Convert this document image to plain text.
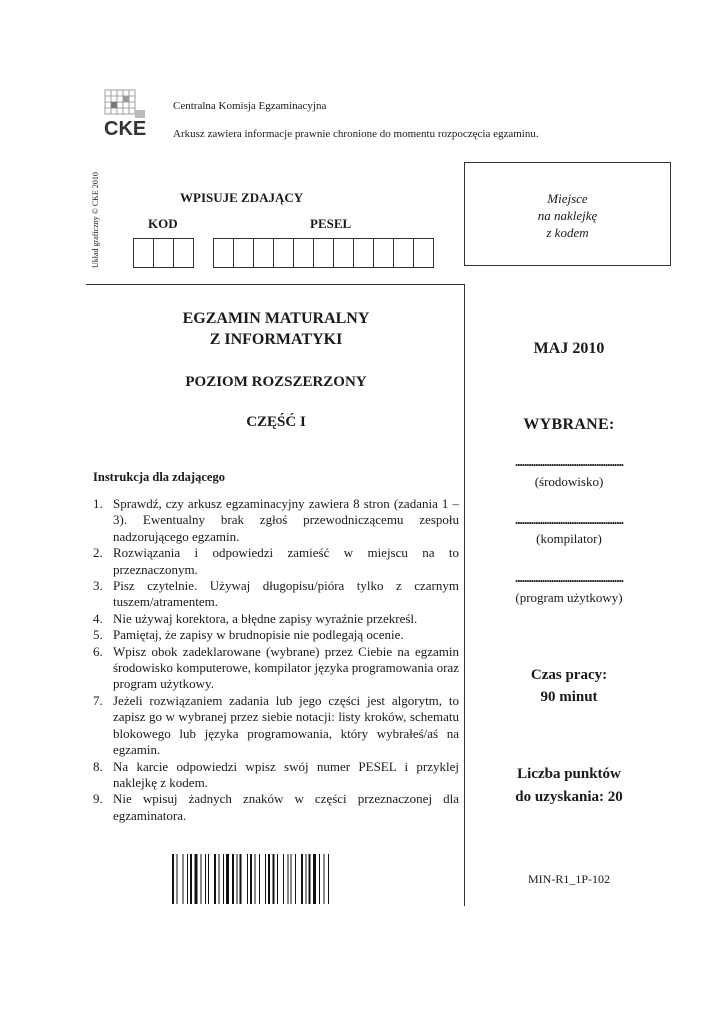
CKE
Centralna Komisja Egzaminacyjna
Arkusz zawiera informacje prawnie chronione do momentu rozpoczęcia egzaminu.
Układ graficzny © CKE 2010	WPISUJE ZDAJĄCY
KOD	PESEL
Miejsce
na naklejkę
z kodem
EGZAMIN MATURALNY
Z INFORMATYKI
POZIOM ROZSZERZONY
CZĘŚĆ I
Instrukcja dla zdającego
1. Sprawdź, czy arkusz egzaminacyjny zawiera 8 stron (zadania 1 – 3). Ewentualny brak zgłoś przewodniczącemu zespołu nadzorującego egzamin.
2. Rozwiązania i odpowiedzi zamieść w miejscu na to przeznaczonym.
3. Pisz czytelnie. Używaj długopisu/pióra tylko z czarnym tuszem/atramentem.
4. Nie używaj korektora, a błędne zapisy wyraźnie przekreśl.
5. Pamiętaj, że zapisy w brudnopisie nie podlegają ocenie.
6. Wpisz obok zadeklarowane (wybrane) przez Ciebie na egzamin środowisko komputerowe, kompilator języka programowania oraz program użytkowy.
7. Jeżeli rozwiązaniem zadania lub jego części jest algorytm, to zapisz go w wybranej przez siebie notacji: listy kroków, schematu blokowego lub języka programowania, który wybrałeś/aś na egzamin.
8. Na karcie odpowiedzi wpisz swój numer PESEL i przyklej naklejkę z kodem.
9. Nie wpisuj żadnych znaków w części przeznaczonej dla egzaminatora.
MAJ 2010
WYBRANE:
................................................
(środowisko)
................................................
(kompilator)
................................................
(program użytkowy)
Czas pracy:
90 minut
Liczba punktów
do uzyskania: 20
MIN-R1_1P-102
